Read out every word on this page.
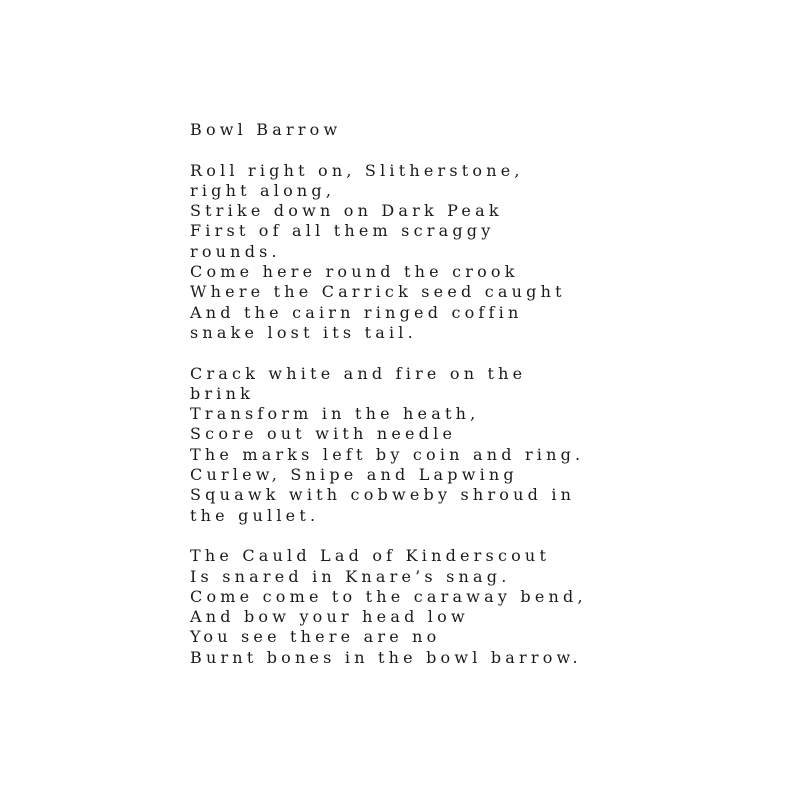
Bowl Barrow
Roll right on, Slitherstone,
right along,
Strike down on Dark Peak
First of all them scraggy
rounds.
Come here round the crook
Where the Carrick seed caught
And the cairn ringed coffin
snake lost its tail.
Crack white and fire on the
brink
Transform in the heath,
Score out with needle
The marks left by coin and ring.
Curlew, Snipe and Lapwing
Squawk with cobweby shroud in
the gullet.
The Cauld Lad of Kinderscout
Is snared in Knare’s snag.
Come come to the caraway bend,
And bow your head low
You see there are no
Burnt bones in the bowl barrow.
